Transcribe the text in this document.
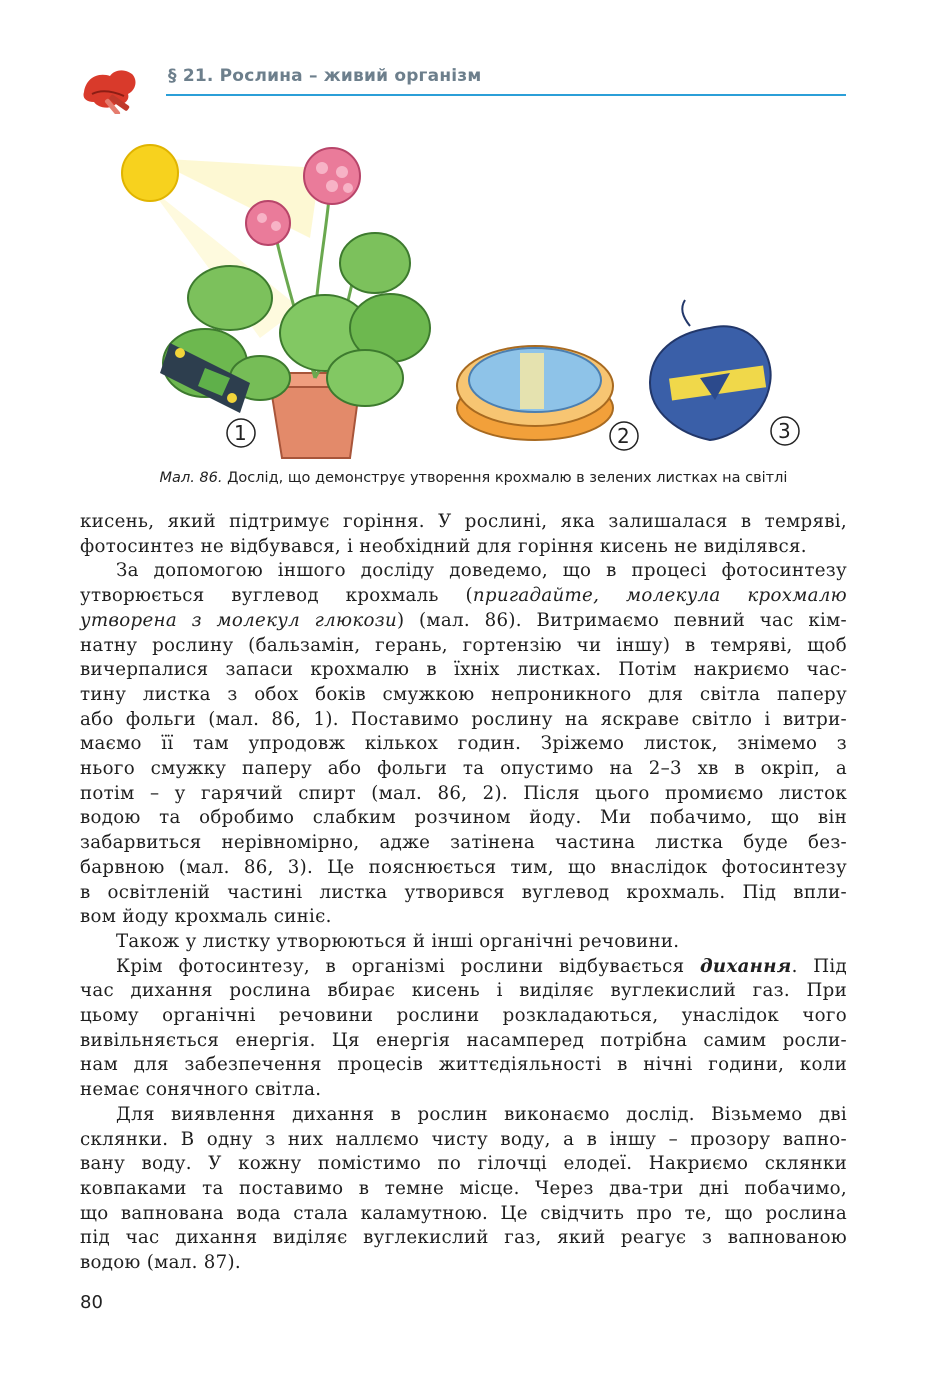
§ 21. Рослина – живий організм
1	2	3
Мал. 86. Дослід, що демонструє утворення крохмалю в зелених листках на світлі
кисень, який підтримує горіння. У рослині, яка залишалася в темряві,
фотосинтез не відбувався, і необхідний для горіння кисень не виділявся.
За допомогою іншого досліду доведемо, що в процесі фотосинтезу
утворюється вуглевод крохмаль (пригадайте, молекула крохмалю
утворена з молекул глюкози) (мал. 86). Витримаємо певний час кім-
натну рослину (бальзамін, герань, гортензію чи іншу) в темряві, щоб
вичерпалися запаси крохмалю в їхніх листках. Потім накриємо час-
тину листка з обох боків смужкою непроникного для світла паперу
або фольги (мал. 86, 1). Поставимо рослину на яскраве світло і витри-
маємо її там упродовж кількох годин. Зріжемо листок, знімемо з
нього смужку паперу або фольги та опустимо на 2–3 хв в окріп, а
потім – у гарячий спирт (мал. 86, 2). Після цього промиємо листок
водою та обробимо слабким розчином йоду. Ми побачимо, що він
забарвиться нерівномірно, адже затінена частина листка буде без-
барвною (мал. 86, 3). Це пояснюється тим, що внаслідок фотосинтезу
в освітленій частині листка утворився вуглевод крохмаль. Під впли-
вом йоду крохмаль синіє.
Також у листку утворюються й інші органічні речовини.
Крім фотосинтезу, в організмі рослини відбувається дихання. Під
час дихання рослина вбирає кисень і виділяє вуглекислий газ. При
цьому органічні речовини рослини розкладаються, унаслідок чого
вивільняється енергія. Ця енергія насамперед потрібна самим росли-
нам для забезпечення процесів життєдіяльності в нічні години, коли
немає сонячного світла.
Для виявлення дихання в рослин виконаємо дослід. Візьмемо дві
склянки. В одну з них наллємо чисту воду, а в іншу – прозору вапно-
вану воду. У кожну помістимо по гілочці елодеї. Накриємо склянки
ковпаками та поставимо в темне місце. Через два-три дні побачимо,
що вапнована вода стала каламутною. Це свідчить про те, що рослина
під час дихання виділяє вуглекислий газ, який реагує з вапнованою
водою (мал. 87).
80
